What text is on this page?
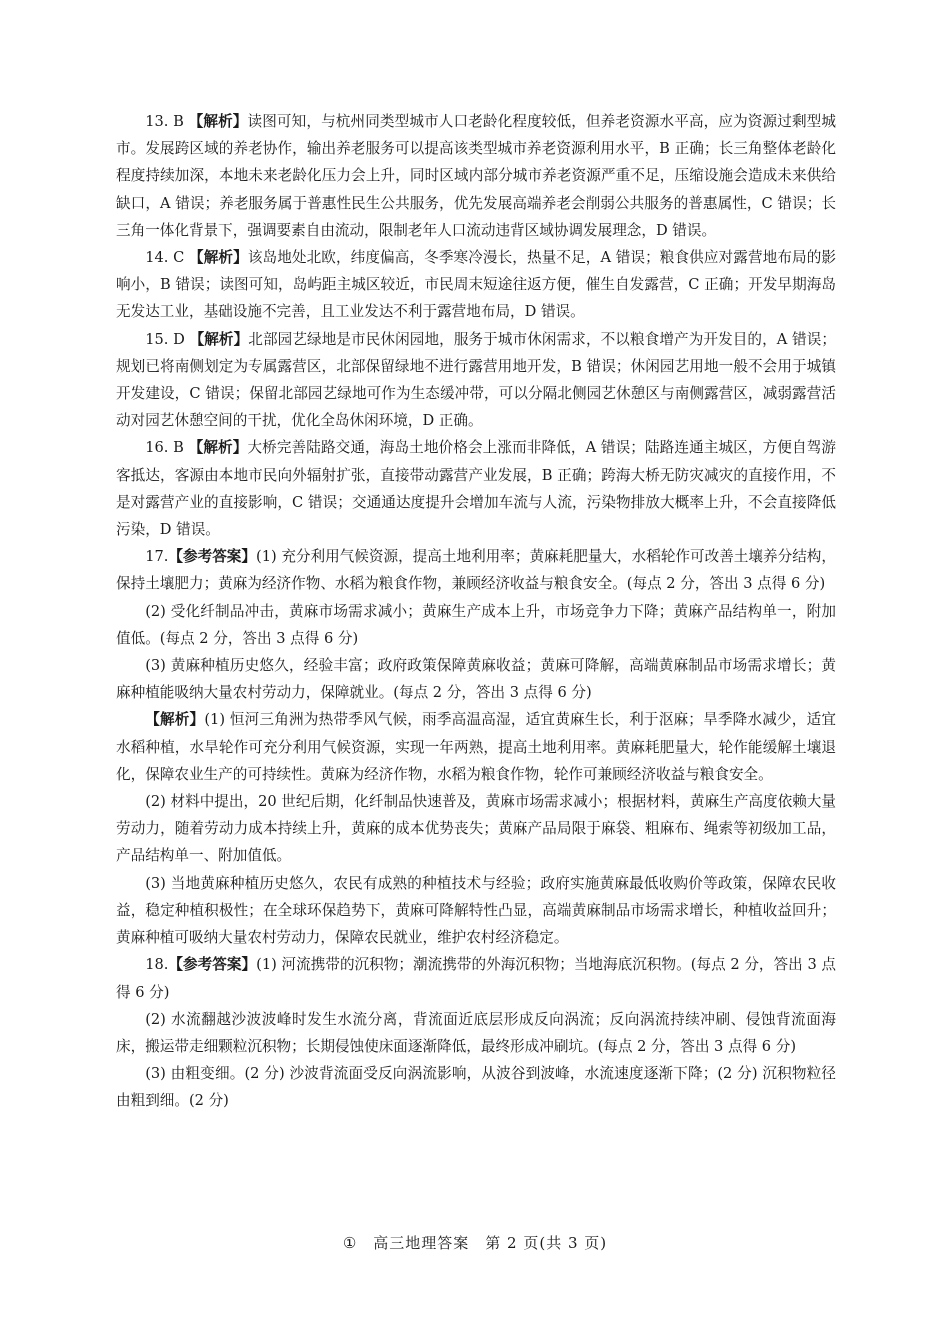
13. B 【解析】读图可知，与杭州同类型城市人口老龄化程度较低，但养老资源水平高，应为资源过剩型城市。发展跨区域的养老协作，输出养老服务可以提高该类型城市养老资源利用水平，B 正确；长三角整体老龄化程度持续加深，本地未来老龄化压力会上升，同时区域内部分城市养老资源严重不足，压缩设施会造成未来供给缺口，A 错误；养老服务属于普惠性民生公共服务，优先发展高端养老会削弱公共服务的普惠属性，C 错误；长三角一体化背景下，强调要素自由流动，限制老年人口流动违背区域协调发展理念，D 错误。

14. C 【解析】该岛地处北欧，纬度偏高，冬季寒冷漫长，热量不足，A 错误；粮食供应对露营地布局的影响小，B 错误；读图可知，岛屿距主城区较近，市民周末短途往返方便，催生自发露营，C 正确；开发早期海岛无发达工业，基础设施不完善，且工业发达不利于露营地布局，D 错误。

15. D 【解析】北部园艺绿地是市民休闲园地，服务于城市休闲需求，不以粮食增产为开发目的，A 错误；规划已将南侧划定为专属露营区，北部保留绿地不进行露营用地开发，B 错误；休闲园艺用地一般不会用于城镇开发建设，C 错误；保留北部园艺绿地可作为生态缓冲带，可以分隔北侧园艺休憩区与南侧露营区，减弱露营活动对园艺休憩空间的干扰，优化全岛休闲环境，D 正确。

16. B 【解析】大桥完善陆路交通，海岛土地价格会上涨而非降低，A 错误；陆路连通主城区，方便自驾游客抵达，客源由本地市民向外辐射扩张，直接带动露营产业发展，B 正确；跨海大桥无防灾减灾的直接作用，不是对露营产业的直接影响，C 错误；交通通达度提升会增加车流与人流，污染物排放大概率上升，不会直接降低污染，D 错误。

17.【参考答案】(1) 充分利用气候资源，提高土地利用率；黄麻耗肥量大，水稻轮作可改善土壤养分结构，保持土壤肥力；黄麻为经济作物、水稻为粮食作物，兼顾经济收益与粮食安全。(每点 2 分，答出 3 点得 6 分)

(2) 受化纤制品冲击，黄麻市场需求减小；黄麻生产成本上升，市场竞争力下降；黄麻产品结构单一，附加值低。(每点 2 分，答出 3 点得 6 分)

(3) 黄麻种植历史悠久，经验丰富；政府政策保障黄麻收益；黄麻可降解，高端黄麻制品市场需求增长；黄麻种植能吸纳大量农村劳动力，保障就业。(每点 2 分，答出 3 点得 6 分)

【解析】(1) 恒河三角洲为热带季风气候，雨季高温高湿，适宜黄麻生长，利于沤麻；旱季降水减少，适宜水稻种植，水旱轮作可充分利用气候资源，实现一年两熟，提高土地利用率。黄麻耗肥量大，轮作能缓解土壤退化，保障农业生产的可持续性。黄麻为经济作物，水稻为粮食作物，轮作可兼顾经济收益与粮食安全。

(2) 材料中提出，20 世纪后期，化纤制品快速普及，黄麻市场需求减小；根据材料，黄麻生产高度依赖大量劳动力，随着劳动力成本持续上升，黄麻的成本优势丧失；黄麻产品局限于麻袋、粗麻布、绳索等初级加工品，产品结构单一、附加值低。

(3) 当地黄麻种植历史悠久，农民有成熟的种植技术与经验；政府实施黄麻最低收购价等政策，保障农民收益，稳定种植积极性；在全球环保趋势下，黄麻可降解特性凸显，高端黄麻制品市场需求增长，种植收益回升；黄麻种植可吸纳大量农村劳动力，保障农民就业，维护农村经济稳定。

18.【参考答案】(1) 河流携带的沉积物；潮流携带的外海沉积物；当地海底沉积物。(每点 2 分，答出 3 点得 6 分)

(2) 水流翻越沙波波峰时发生水流分离，背流面近底层形成反向涡流；反向涡流持续冲刷、侵蚀背流面海床，搬运带走细颗粒沉积物；长期侵蚀使床面逐渐降低，最终形成冲刷坑。(每点 2 分，答出 3 点得 6 分)

(3) 由粗变细。(2 分) 沙波背流面受反向涡流影响，从波谷到波峰，水流速度逐渐下降；(2 分) 沉积物粒径由粗到细。(2 分)

① 高三地理答案　第 2 页(共 3 页)
